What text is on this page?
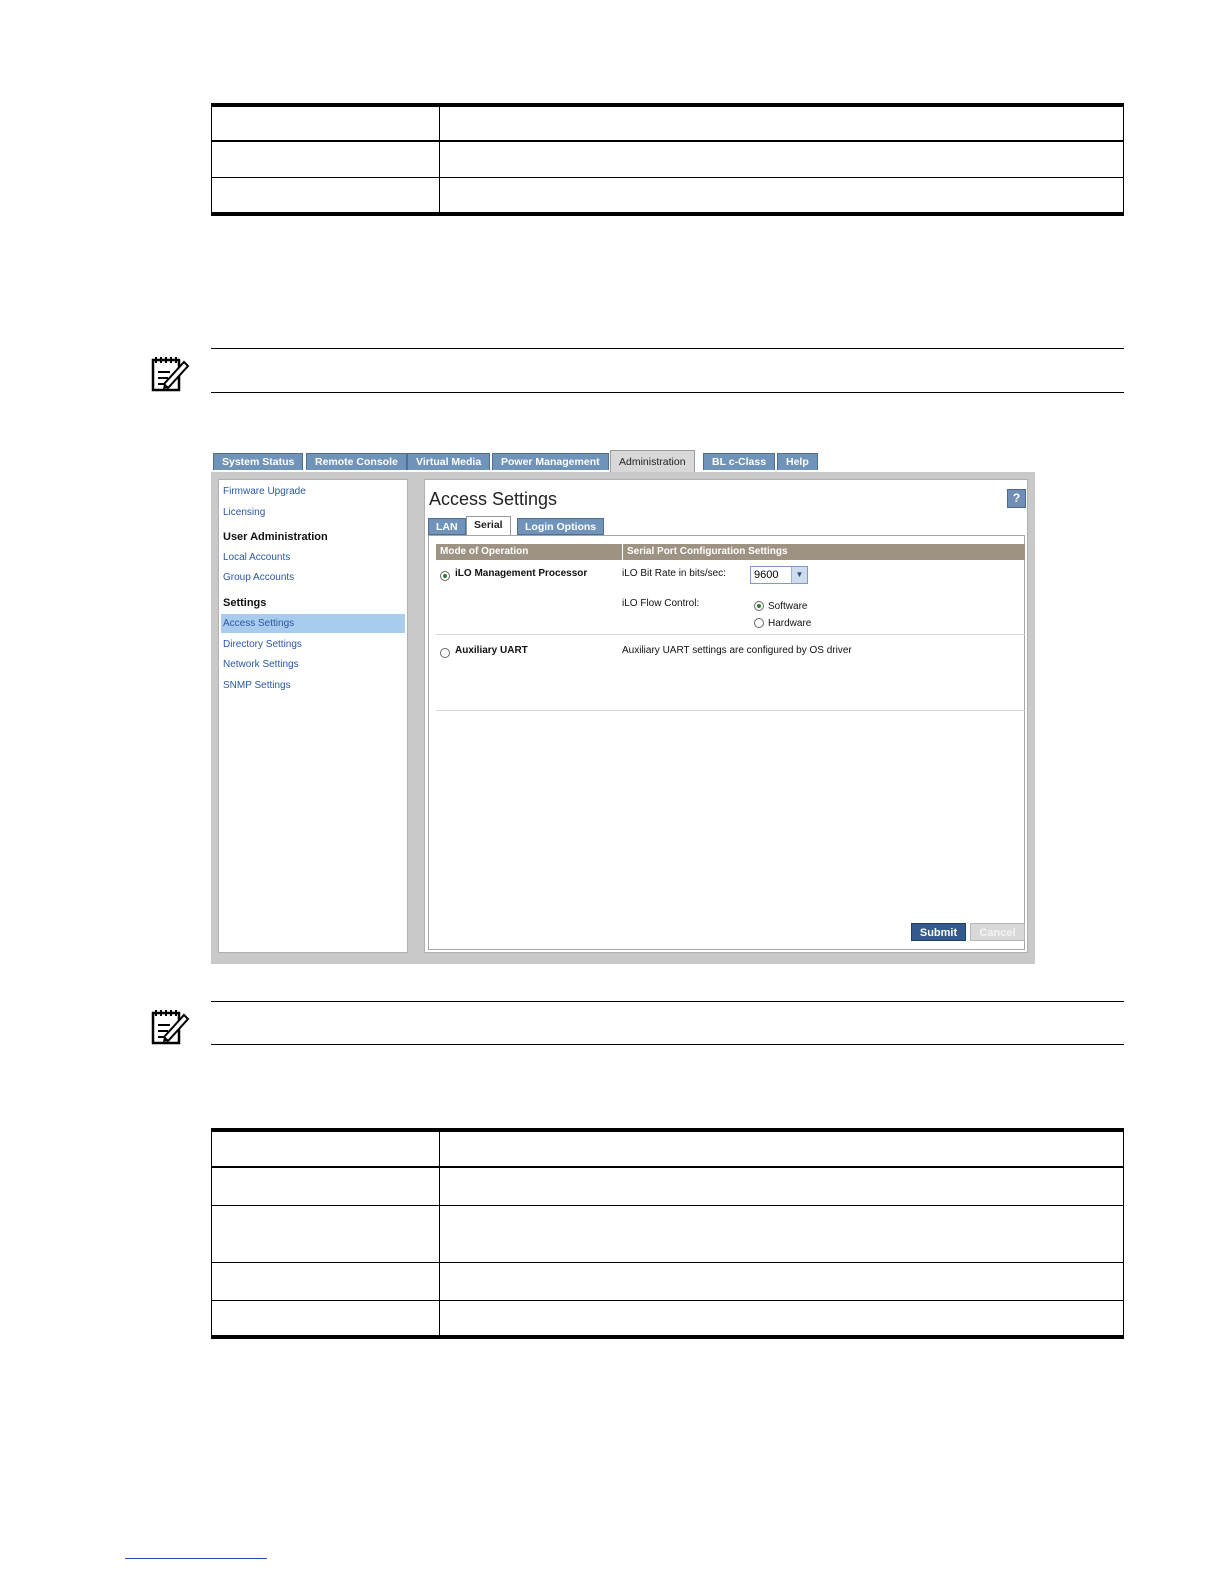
System Status	Remote Console	Virtual Media	Power Management	Administration	BL c-Class	Help
Firmware Upgrade
Licensing
User Administration
Local Accounts
Group Accounts
Settings
Access Settings
Directory Settings
Network Settings
SNMP Settings
Access Settings	?
LAN	Serial	Login Options
Mode of Operation	Serial Port Configuration Settings
iLO Management Processor	iLO Bit Rate in bits/sec:	9600	▼
iLO Flow Control:	Software
Hardware
Auxiliary UART	Auxiliary UART settings are configured by OS driver
Submit	Cancel
